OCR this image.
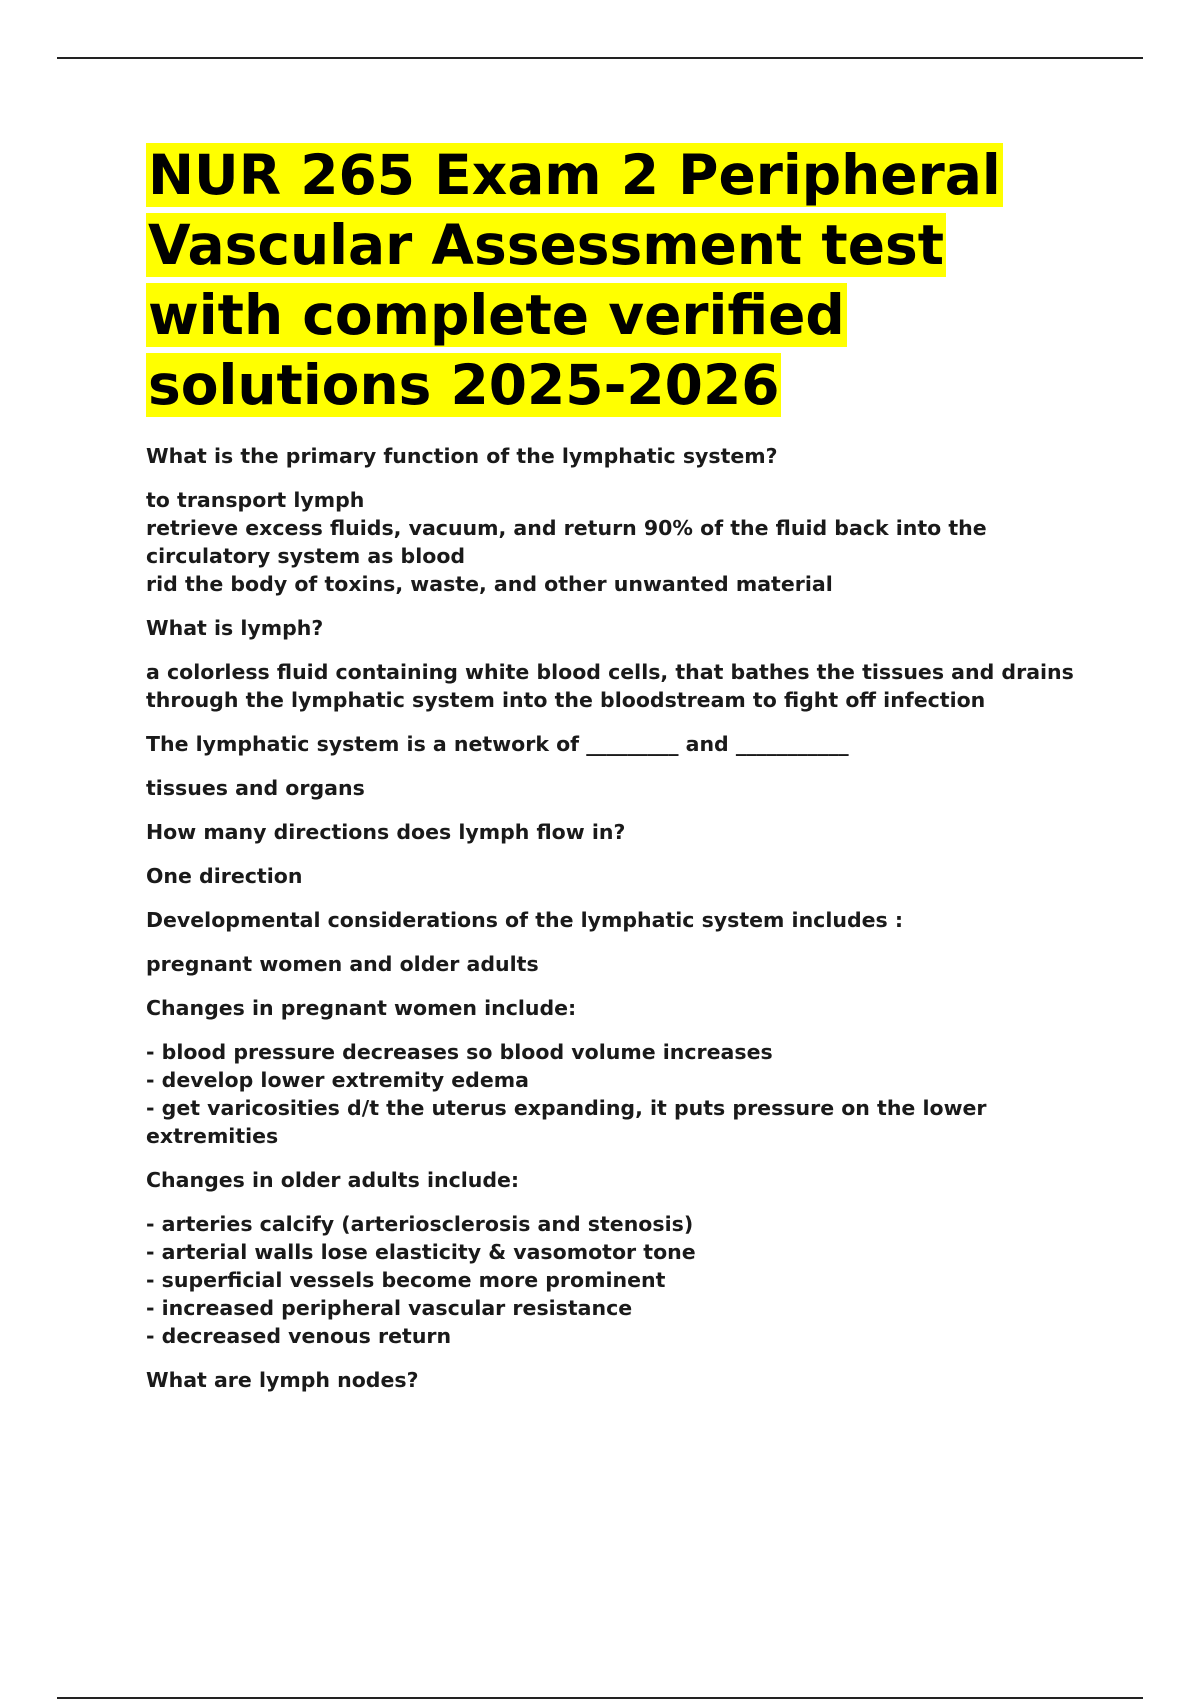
NUR 265 Exam 2 Peripheral Vascular Assessment test with complete verified solutions 2025-2026

What is the primary function of the lymphatic system?

to transport lymph

retrieve excess fluids, vacuum, and return 90% of the fluid back into the circulatory system as blood

rid the body of toxins, waste, and other unwanted material

What is lymph?

a colorless fluid containing white blood cells, that bathes the tissues and drains through the lymphatic system into the bloodstream to fight off infection

The lymphatic system is a network of _________ and ___________

tissues and organs

How many directions does lymph flow in?

One direction

Developmental considerations of the lymphatic system includes :

pregnant women and older adults

Changes in pregnant women include:

- blood pressure decreases so blood volume increases

- develop lower extremity edema

- get varicosities d/t the uterus expanding, it puts pressure on the lower extremities

Changes in older adults include:

- arteries calcify (arteriosclerosis and stenosis)

- arterial walls lose elasticity & vasomotor tone

- superficial vessels become more prominent

- increased peripheral vascular resistance

- decreased venous return

What are lymph nodes?
